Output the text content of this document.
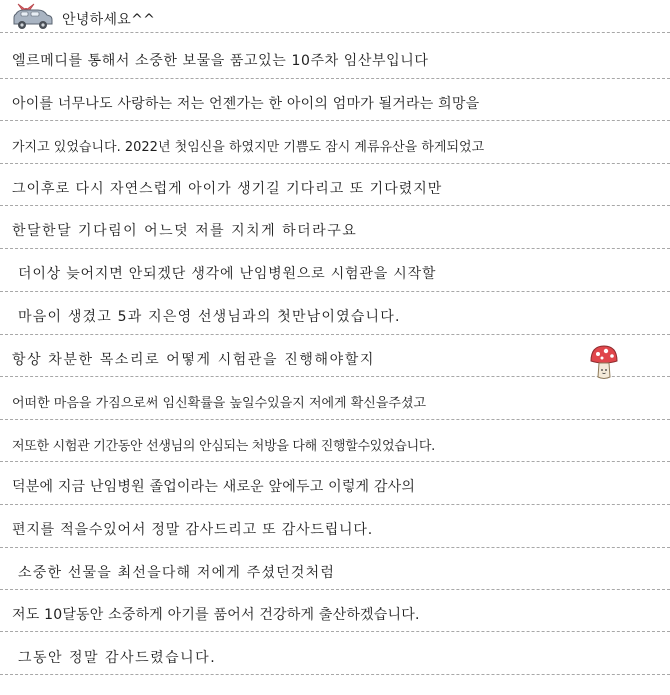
안녕하세요^^
엘르메디를 통해서 소중한 보물을 품고있는 10주차 임산부입니다
아이를 너무나도 사랑하는 저는 언젠가는 한 아이의 엄마가 될거라는 희망을
가지고 있었습니다. 2022년 첫임신을 하였지만 기쁨도 잠시 계류유산을 하게되었고
그이후로 다시 자연스럽게 아이가 생기길 기다리고 또 기다렸지만
한달한달 기다림이 어느덧 저를 지치게 하더라구요
더이상 늦어지면 안되겠단 생각에 난임병원으로 시험관을 시작할
마음이 생겼고 5과 지은영 선생님과의 첫만남이였습니다.
항상 차분한 목소리로 어떻게 시험관을 진행해야할지
어떠한 마음을 가짐으로써 임신확률을 높일수있을지 저에게 확신을주셨고
저또한 시험관 기간동안 선생님의 안심되는 처방을 다해 진행할수있었습니다.
덕분에 지금 난임병원 졸업이라는 새로운 앞에두고 이렇게 감사의
편지를 적을수있어서 정말 감사드리고 또 감사드립니다.
소중한 선물을 최선을다해 저에게 주셨던것처럼
저도 10달동안 소중하게 아기를 품어서 건강하게 출산하겠습니다.
그동안 정말 감사드렸습니다.
